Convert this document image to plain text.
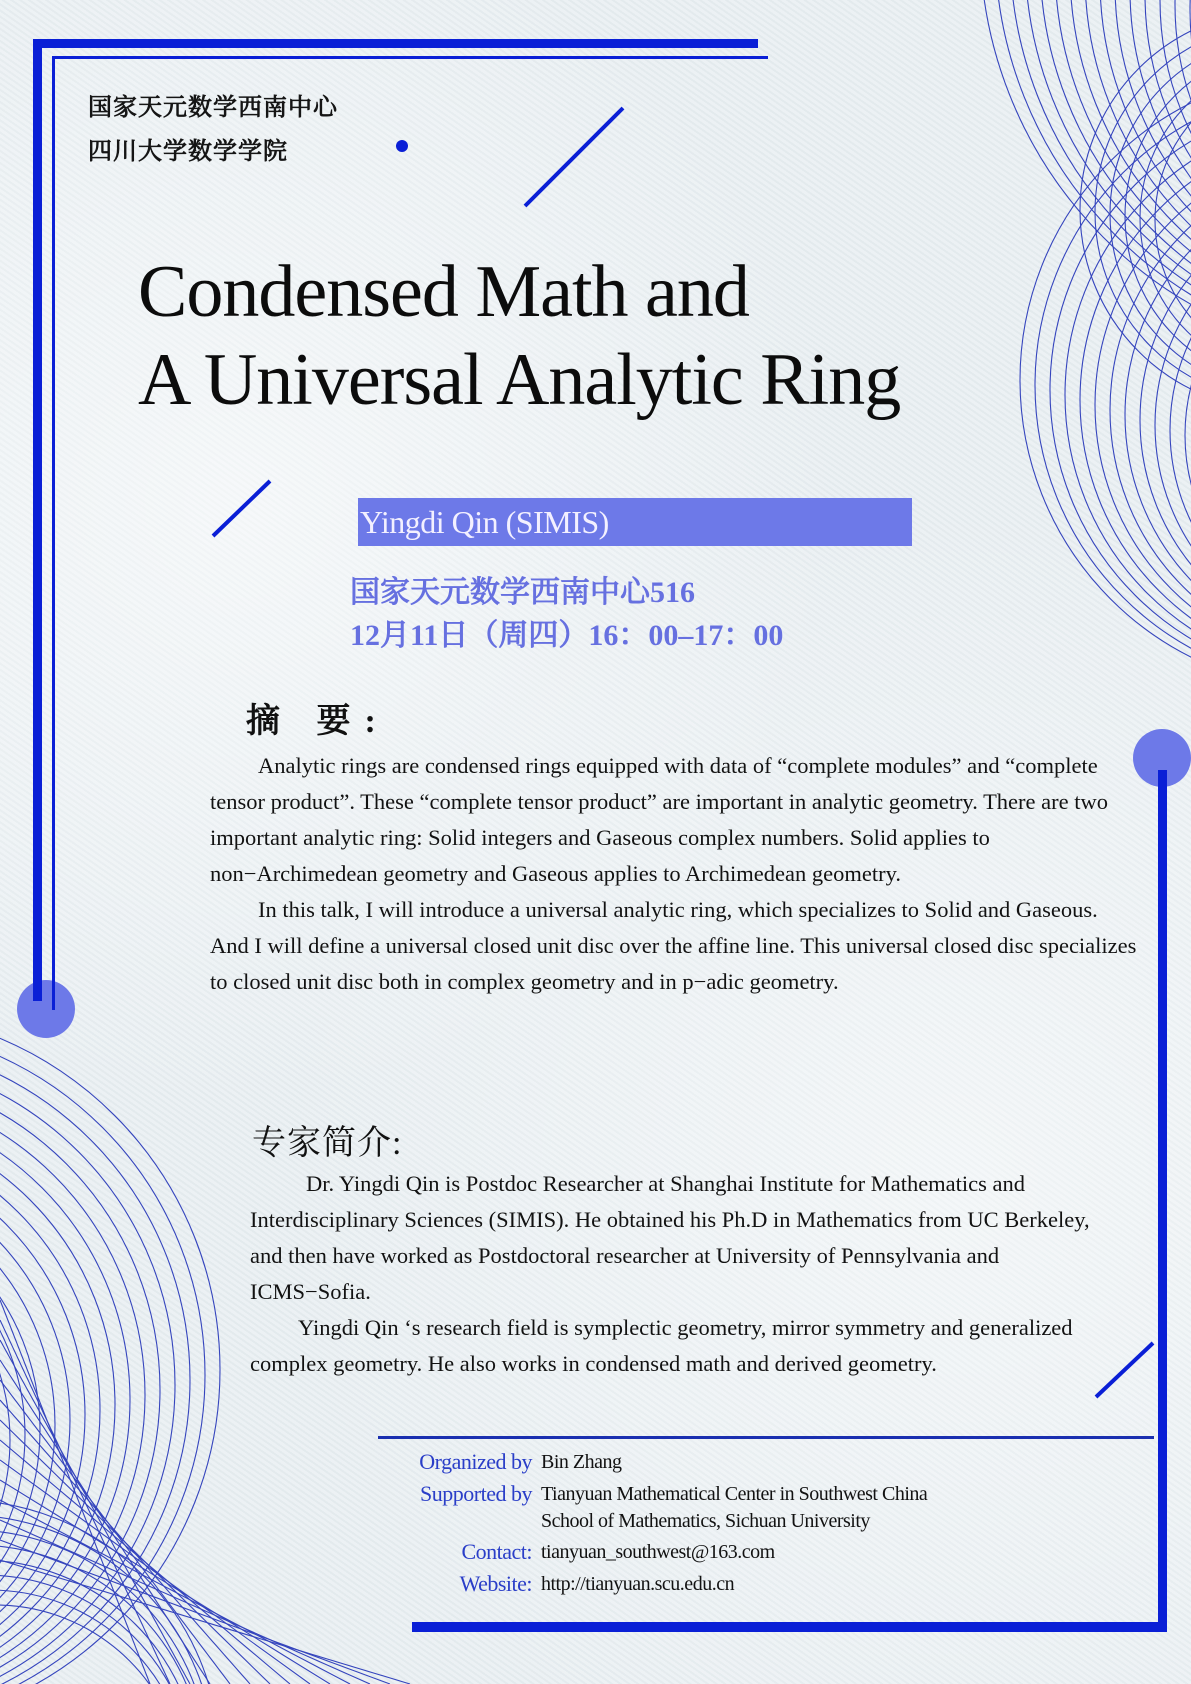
国家天元数学西南中心
四川大学数学学院
Condensed Math and
A Universal Analytic Ring
Yingdi Qin (SIMIS)
国家天元数学西南中心516
12月11日（周四）16：00–17：00
摘 要:

Analytic rings are condensed rings equipped with data of “complete modules” and “complete tensor product”. These “complete tensor product” are important in analytic geometry. There are two important analytic ring: Solid integers and Gaseous complex numbers. Solid applies to non−Archimedean geometry and Gaseous applies to Archimedean geometry.

In this talk, I will introduce a universal analytic ring, which specializes to Solid and Gaseous. And I will define a universal closed unit disc over the affine line. This universal closed disc specializes to closed unit disc both in complex geometry and in p−adic geometry.

专家简介:

Dr. Yingdi Qin is Postdoc Researcher at Shanghai Institute for Mathematics and Interdisciplinary Sciences (SIMIS). He obtained his Ph.D in Mathematics from UC Berkeley, and then have worked as Postdoctoral researcher at University of Pennsylvania and ICMS−Sofia.

Yingdi Qin ‘s research field is symplectic geometry, mirror symmetry and generalized complex geometry. He also works in condensed math and derived geometry.

Organized by Bin Zhang
Supported by Tianyuan Mathematical Center in Southwest China
School of Mathematics, Sichuan University
Contact: tianyuan_southwest@163.com
Website: http://tianyuan.scu.edu.cn
